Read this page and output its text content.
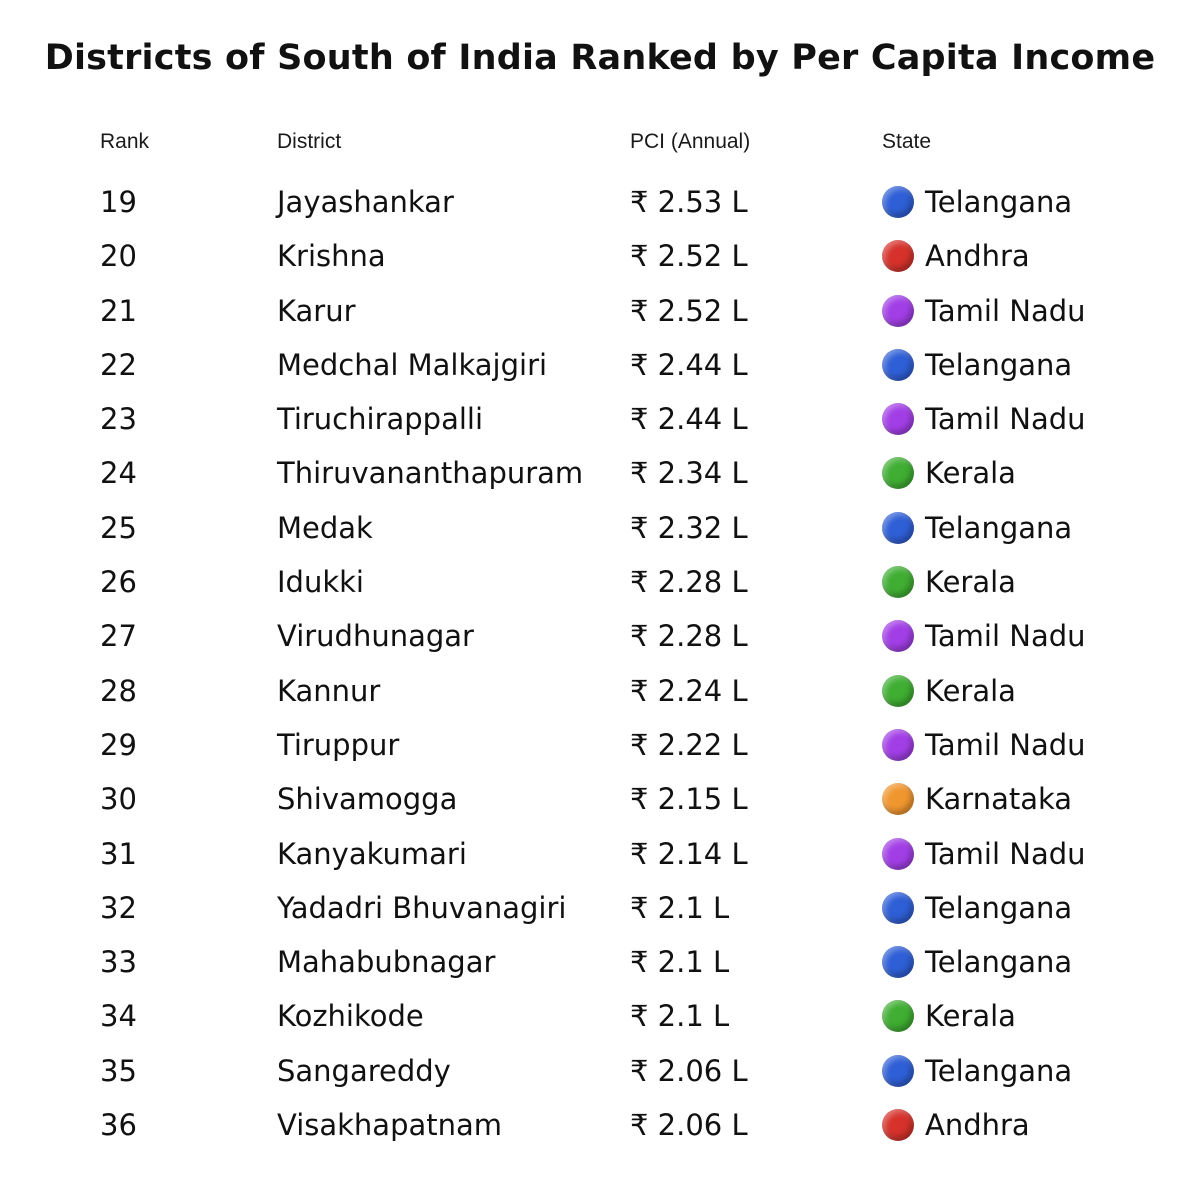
Districts of South of India Ranked by Per Capita Income
Rank	District	PCI (Annual)	State
19	Jayashankar	₹ 2.53 L	Telangana
20	Krishna	₹ 2.52 L	Andhra
21	Karur	₹ 2.52 L	Tamil Nadu
22	Medchal Malkajgiri	₹ 2.44 L	Telangana
23	Tiruchirappalli	₹ 2.44 L	Tamil Nadu
24	Thiruvananthapuram ₹ 2.34 L	Kerala
25	Medak	₹ 2.32 L	Telangana
26	Idukki	₹ 2.28 L	Kerala
27	Virudhunagar	₹ 2.28 L	Tamil Nadu
28	Kannur	₹ 2.24 L	Kerala
29	Tiruppur	₹ 2.22 L	Tamil Nadu
30	Shivamogga	₹ 2.15 L	Karnataka
31	Kanyakumari	₹ 2.14 L	Tamil Nadu
32	Yadadri Bhuvanagiri ₹ 2.1 L	Telangana
33	Mahabubnagar	₹ 2.1 L	Telangana
34	Kozhikode	₹ 2.1 L	Kerala
35	Sangareddy	₹ 2.06 L	Telangana
36	Visakhapatnam	₹ 2.06 L	Andhra
